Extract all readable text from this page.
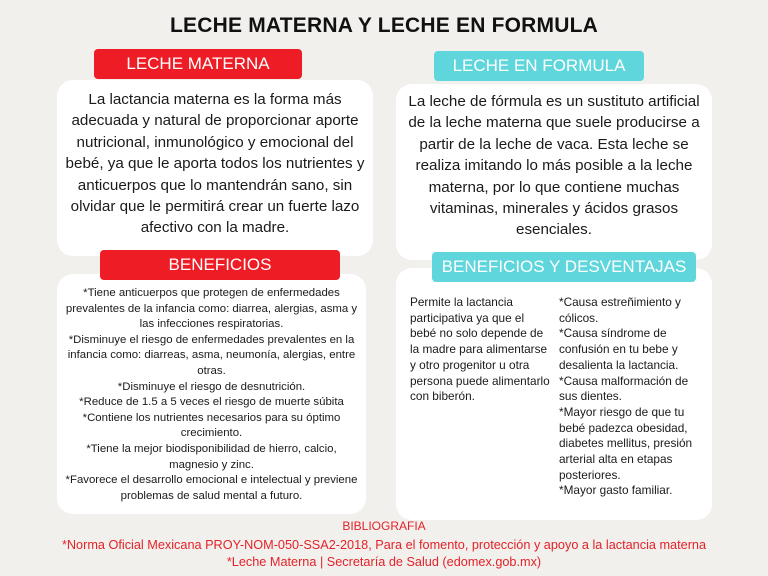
LECHE MATERNA Y LECHE EN FORMULA
LECHE MATERNA
La lactancia materna es la forma más adecuada y natural de proporcionar aporte nutricional, inmunológico y emocional del bebé, ya que le aporta todos los nutrientes y anticuerpos que lo mantendrán sano, sin olvidar que le permitirá crear un fuerte lazo afectivo con la madre.

*Tiene anticuerpos que protegen de enfermedades prevalentes de la infancia como: diarrea, alergias, asma y las infecciones respiratorias.

*Disminuye el riesgo de enfermedades prevalentes en la infancia como: diarreas, asma, neumonía, alergias, entre otras.

*Disminuye el riesgo de desnutrición.

*Reduce de 1.5 a 5 veces el riesgo de muerte súbita

*Contiene los nutrientes necesarios para su óptimo crecimiento.

*Tiene la mejor biodisponibilidad de hierro, calcio, magnesio y zinc.

*Favorece el desarrollo emocional e intelectual y previene problemas de salud mental a futuro.

BENEFICIOS
LECHE EN FORMULA
La leche de fórmula es un sustituto artificial de la leche materna que suele producirse a partir de la leche de vaca. Esta leche se realiza imitando lo más posible a la leche materna, por lo que contiene muchas vitaminas, minerales y ácidos grasos esenciales.

Permite la lactancia participativa ya que el bebé no solo depende de la madre para alimentarse y otro progenitor u otra persona puede alimentarlo con biberón.

*Causa estreñimiento y cólicos.

*Causa síndrome de confusión en tu bebe y desalienta la lactancia.

*Causa malformación de sus dientes.

*Mayor riesgo de que tu bebé padezca obesidad, diabetes mellitus, presión arterial alta en etapas posteriores.

*Mayor gasto familiar.

BENEFICIOS Y DESVENTAJAS
BIBLIOGRAFIA
*Norma Oficial Mexicana PROY-NOM-050-SSA2-2018, Para el fomento, protección y apoyo a la lactancia materna
*Leche Materna | Secretaría de Salud (edomex.gob.mx)
